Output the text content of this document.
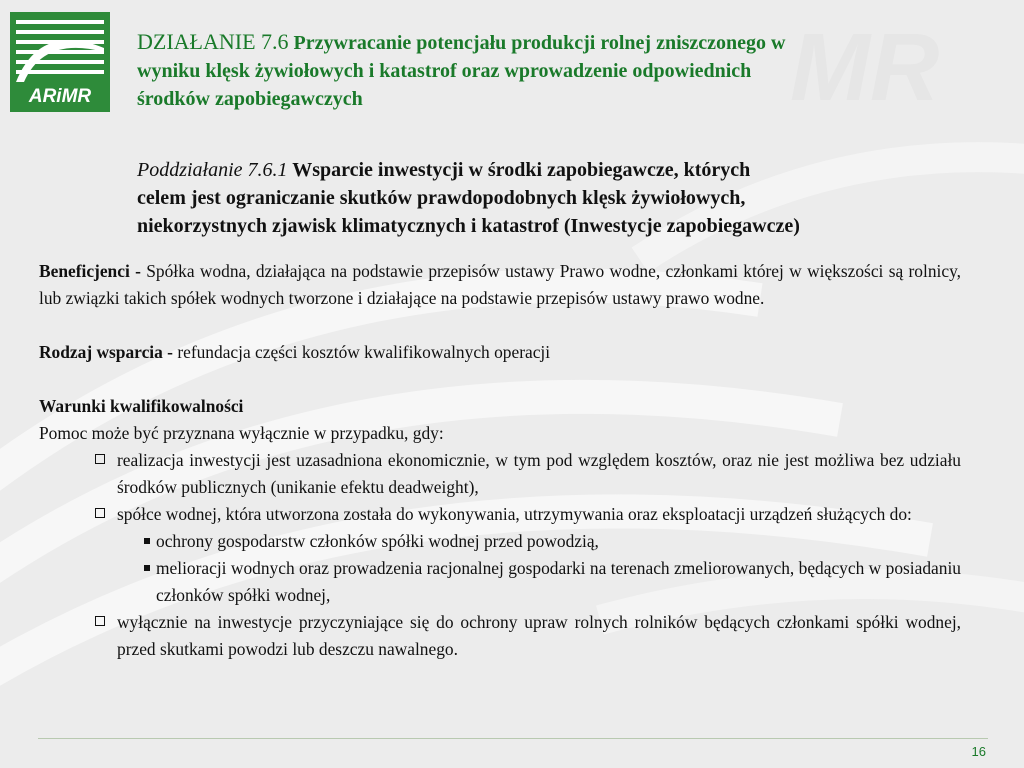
MR
ARiMR
DZIAŁANIE 7.6 Przywracanie potencjału produkcji rolnej zniszczonego w
wyniku klęsk żywiołowych i katastrof oraz wprowadzenie odpowiednich
środków zapobiegawczych
Poddziałanie 7.6.1 Wsparcie inwestycji w środki zapobiegawcze, których
celem jest ograniczanie skutków prawdopodobnych klęsk żywiołowych,
niekorzystnych zjawisk klimatycznych i katastrof (Inwestycje zapobiegawcze)
Beneficjenci - Spółka wodna, działająca na podstawie przepisów ustawy Prawo wodne, członkami której w większości są rolnicy, lub związki takich spółek wodnych tworzone i działające na podstawie przepisów ustawy prawo wodne.
Rodzaj wsparcia - refundacja części kosztów kwalifikowalnych operacji
Warunki kwalifikowalności
Pomoc może być przyznana wyłącznie w przypadku, gdy:
realizacja inwestycji jest uzasadniona ekonomicznie, w tym pod względem kosztów, oraz nie jest możliwa bez udziału środków publicznych (unikanie efektu deadweight),
spółce wodnej, która utworzona została do wykonywania, utrzymywania oraz eksploatacji urządzeń służących do:
ochrony gospodarstw członków spółki wodnej przed powodzią,
melioracji wodnych oraz prowadzenia racjonalnej gospodarki na terenach zmeliorowanych, będących w posiadaniu członków spółki wodnej,
wyłącznie na inwestycje przyczyniające się do ochrony upraw rolnych rolników będących członkami spółki wodnej, przed skutkami powodzi lub deszczu nawalnego.
16
